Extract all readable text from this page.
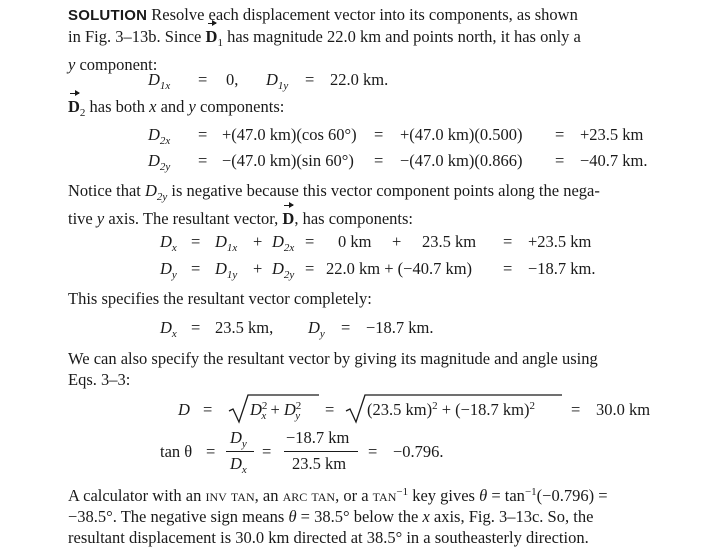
SOLUTION Resolve each displacement vector into its components, as shown
in Fig. 3–13b. Since $D_1$ has magnitude 22.0 km and points north, it has only a
y component:
$D_{1x} = 0$, $D_{1y} = 22.0$ km.
$D_2$ has both x and y components:
$D_{2x} = +(47.0$ km)(cos 60°) = +(47.0 km)(0.500) = +23.5 km
$D_{2y} = -(47.0$ km)(sin 60°) = −(47.0 km)(0.866) = −40.7 km.
Notice that $D_{2y}$ is negative because this vector component points along the nega-
tive y axis. The resultant vector, D, has components:
$D_x = D_{1x} + D_{2x} = 0$ km + 23.5 km = +23.5 km
$D_y = D_{1y} + D_{2y} = 22.0$ km + (−40.7 km) = −18.7 km.
This specifies the resultant vector completely:
$D_x = 23.5$ km, $D_y = -18.7$ km.
We can also specify the resultant vector by giving its magnitude and angle using
Eqs. 3–3:
$D = D^2_x + D^2_y = (23.5$ km)$^2$ + (−18.7 km)$^2$ = 30.0 km
tan θ =
$D_y$
$D_x$
=
−18.7 km
23.5 km
= −0.796.
A calculator with an inv tan, an arc tan, or a $\tan^{-1}$ key gives $\theta = \tan^{-1}(-0.796)$ =
−38.5°. The negative sign means θ = 38.5° below the x axis, Fig. 3–13c. So, the
resultant displacement is 30.0 km directed at 38.5° in a southeasterly direction.
